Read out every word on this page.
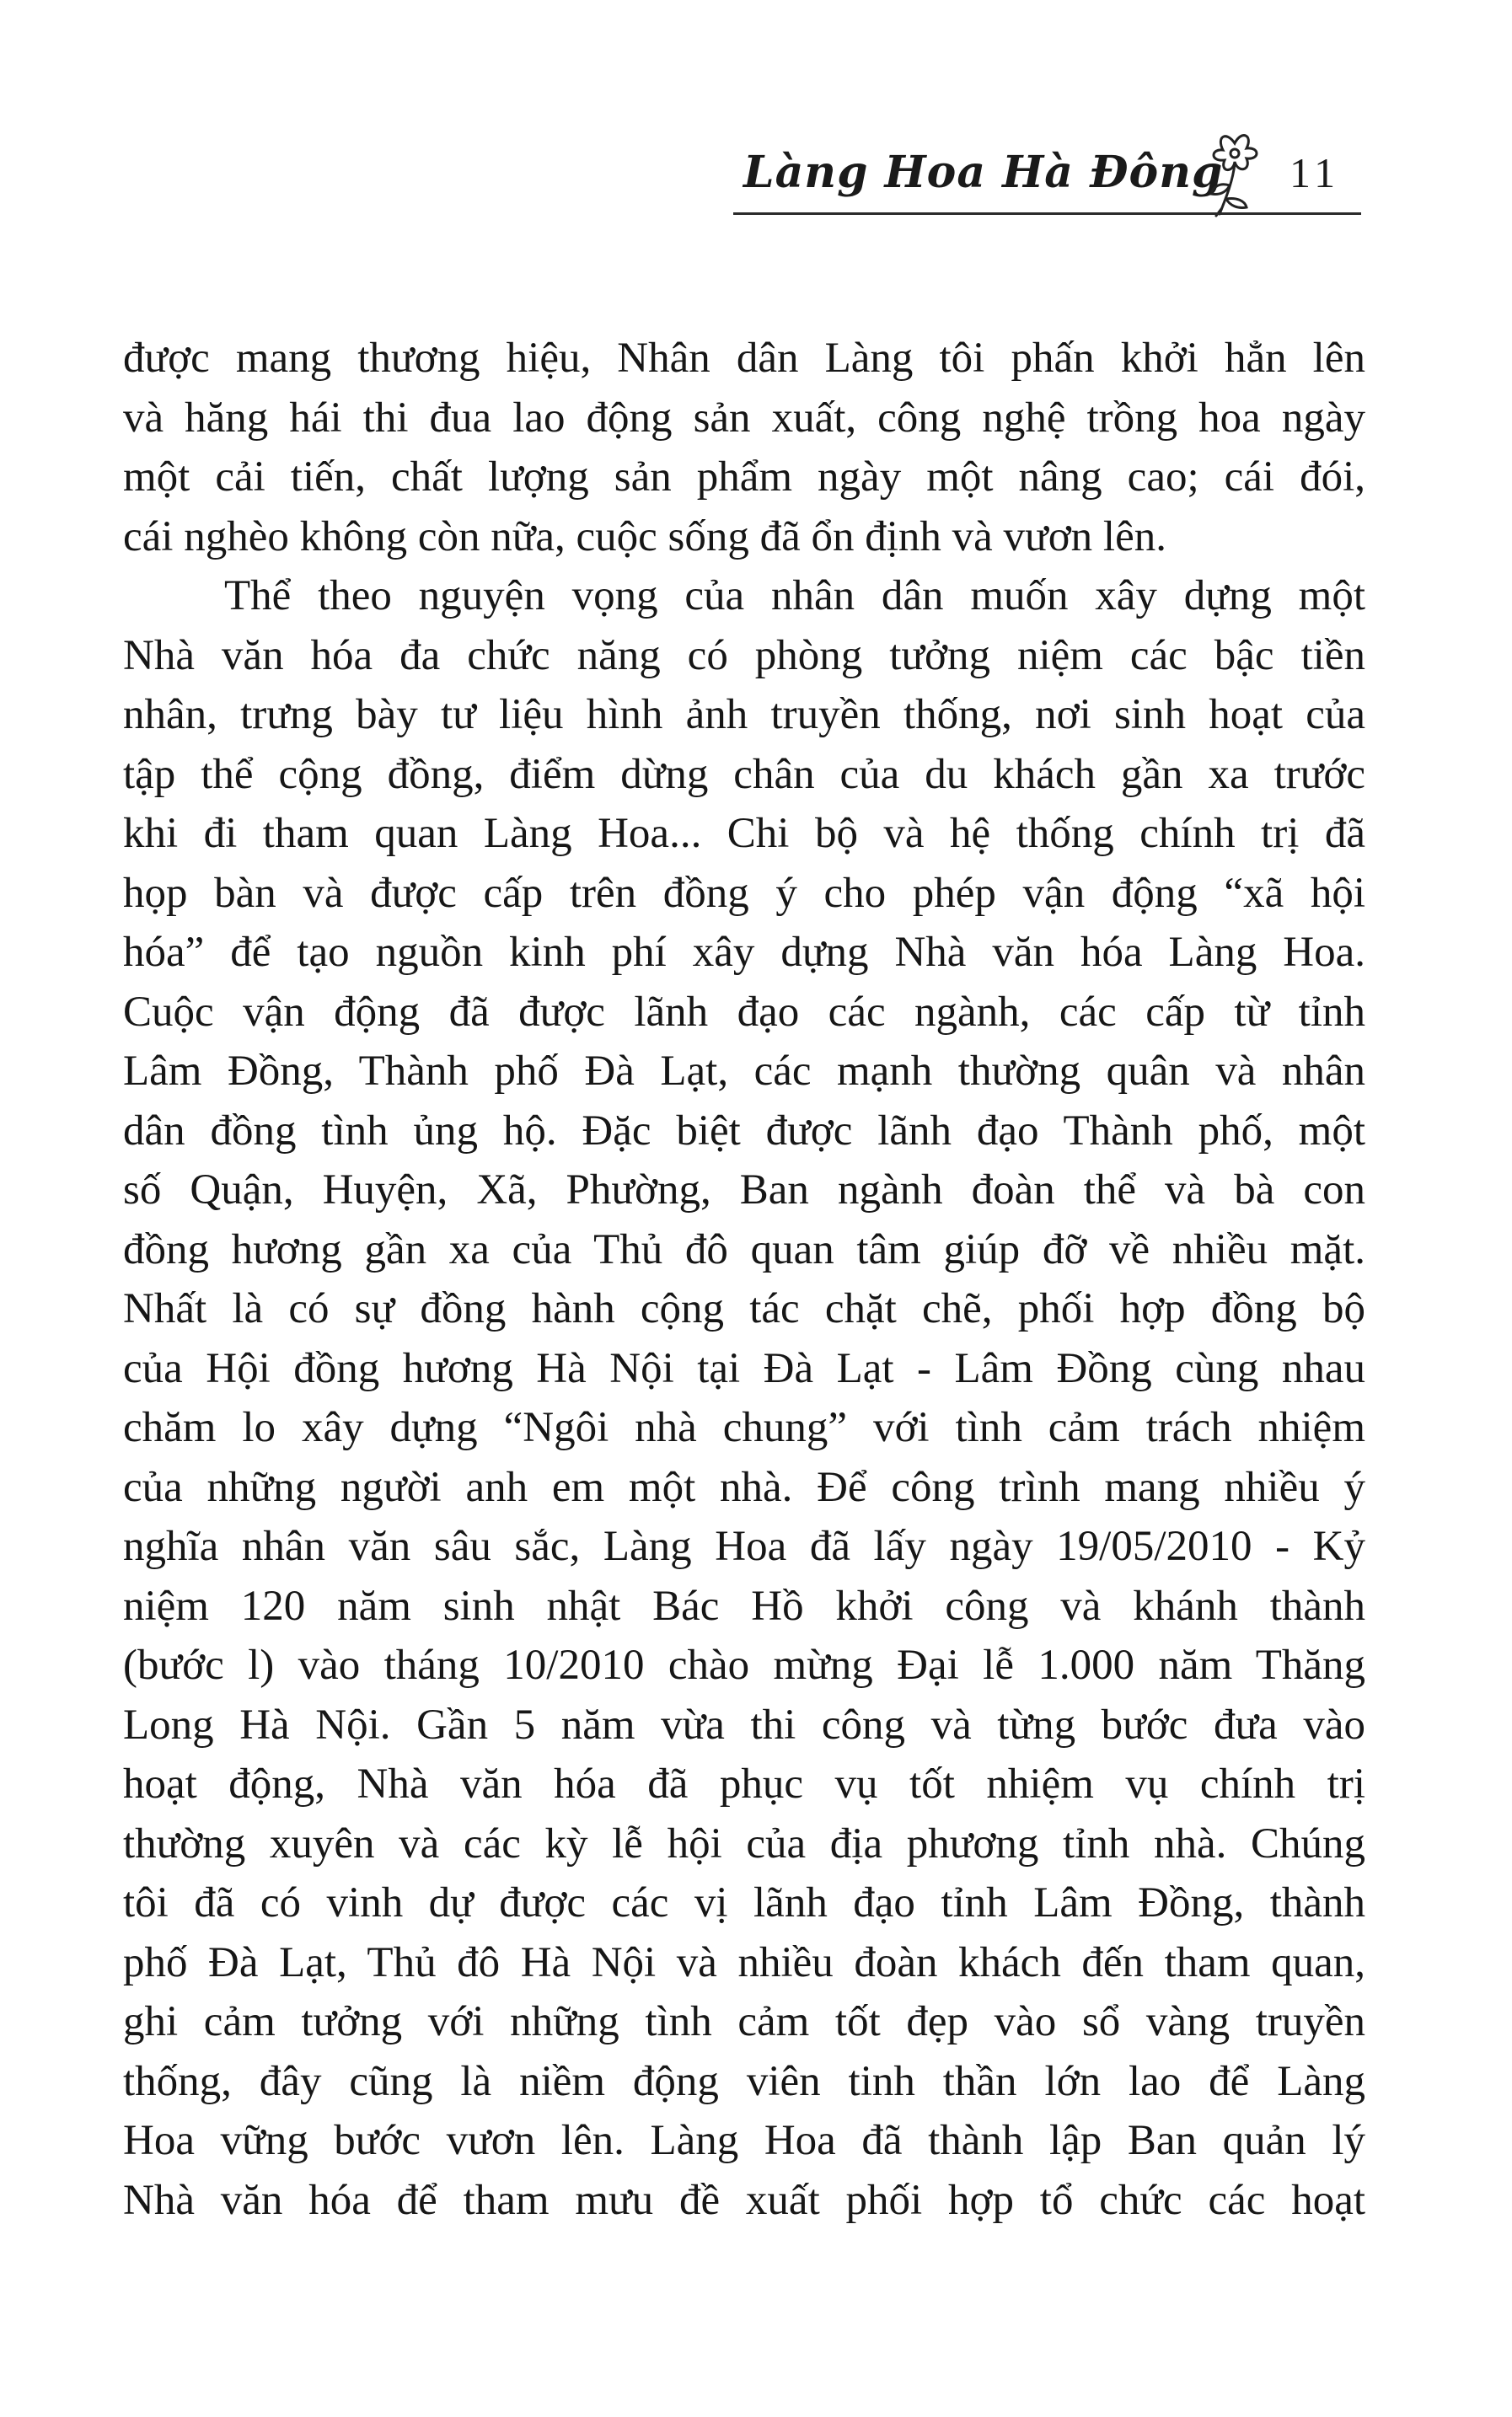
Làng Hoa Hà Đông 11
được mang thương hiệu, Nhân dân Làng tôi phấn khởi hẳn lên
và hăng hái thi đua lao động sản xuất, công nghệ trồng hoa ngày
một cải tiến, chất lượng sản phẩm ngày một nâng cao; cái đói,
cái nghèo không còn nữa, cuộc sống đã ổn định và vươn lên.
Thể theo nguyện vọng của nhân dân muốn xây dựng một
Nhà văn hóa đa chức năng có phòng tưởng niệm các bậc tiền
nhân, trưng bày tư liệu hình ảnh truyền thống, nơi sinh hoạt của
tập thể cộng đồng, điểm dừng chân của du khách gần xa trước
khi đi tham quan Làng Hoa... Chi bộ và hệ thống chính trị đã
họp bàn và được cấp trên đồng ý cho phép vận động “xã hội
hóa” để tạo nguồn kinh phí xây dựng Nhà văn hóa Làng Hoa.
Cuộc vận động đã được lãnh đạo các ngành, các cấp từ tỉnh
Lâm Đồng, Thành phố Đà Lạt, các mạnh thường quân và nhân
dân đồng tình ủng hộ. Đặc biệt được lãnh đạo Thành phố, một
số Quận, Huyện, Xã, Phường, Ban ngành đoàn thể và bà con
đồng hương gần xa của Thủ đô quan tâm giúp đỡ về nhiều mặt.
Nhất là có sự đồng hành cộng tác chặt chẽ, phối hợp đồng bộ
của Hội đồng hương Hà Nội tại Đà Lạt - Lâm Đồng cùng nhau
chăm lo xây dựng “Ngôi nhà chung” với tình cảm trách nhiệm
của những người anh em một nhà. Để công trình mang nhiều ý
nghĩa nhân văn sâu sắc, Làng Hoa đã lấy ngày 19/05/2010 - Kỷ
niệm 120 năm sinh nhật Bác Hồ khởi công và khánh thành
(bước l) vào tháng 10/2010 chào mừng Đại lễ 1.000 năm Thăng
Long Hà Nội. Gần 5 năm vừa thi công và từng bước đưa vào
hoạt động, Nhà văn hóa đã phục vụ tốt nhiệm vụ chính trị
thường xuyên và các kỳ lễ hội của địa phương tỉnh nhà. Chúng
tôi đã có vinh dự được các vị lãnh đạo tỉnh Lâm Đồng, thành
phố Đà Lạt, Thủ đô Hà Nội và nhiều đoàn khách đến tham quan,
ghi cảm tưởng với những tình cảm tốt đẹp vào sổ vàng truyền
thống, đây cũng là niềm động viên tinh thần lớn lao để Làng
Hoa vững bước vươn lên. Làng Hoa đã thành lập Ban quản lý
Nhà văn hóa để tham mưu đề xuất phối hợp tổ chức các hoạt
